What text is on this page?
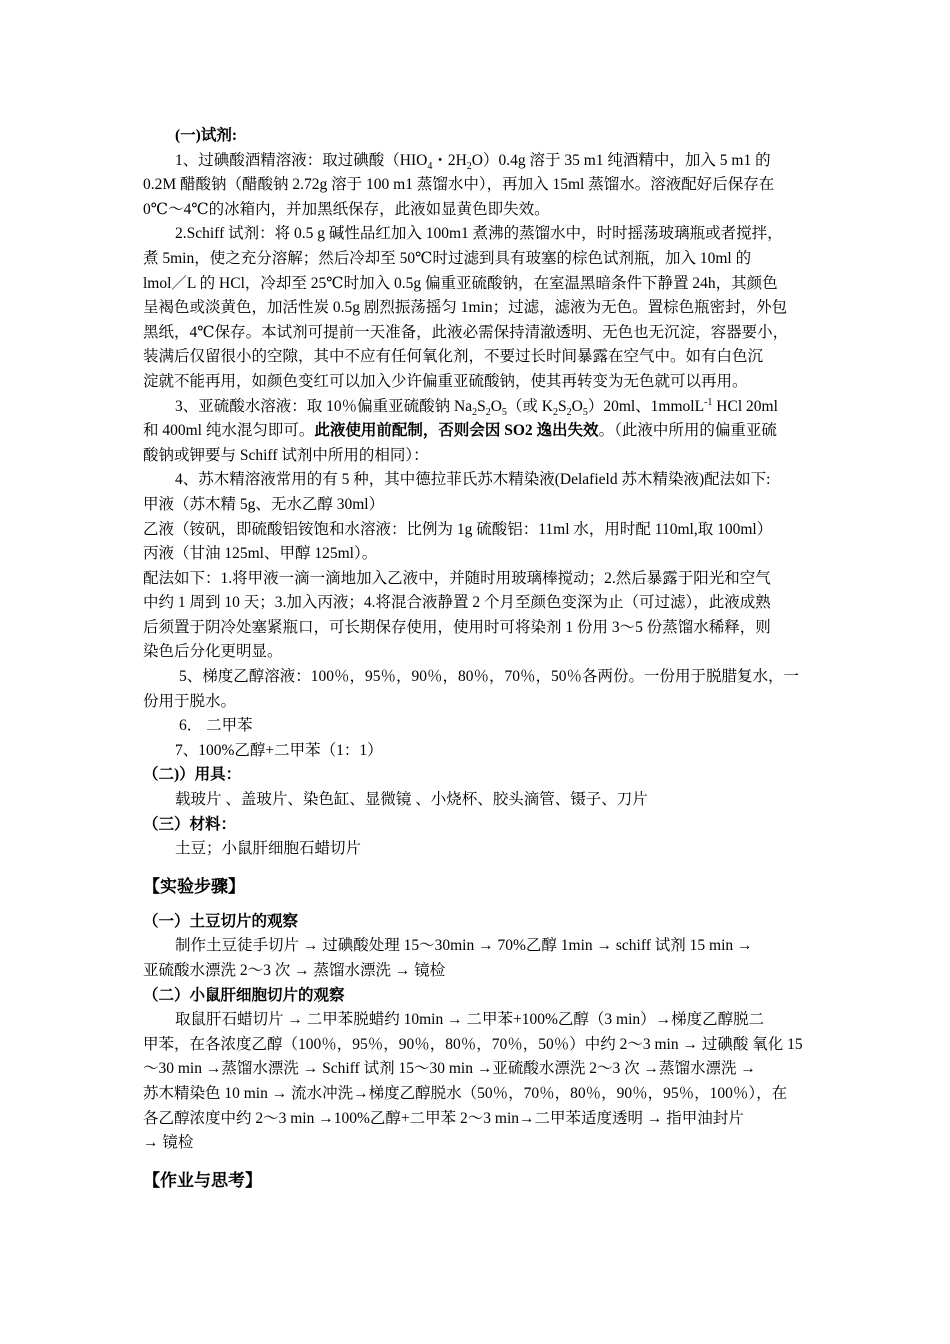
(一)试剂:
1、过碘酸酒精溶液：取过碘酸（$HIO_4$・$2H_2O)0.4g$ 溶于 35 m1 纯酒精中，加入 5 m1 的
0.2M 醋酸钠（醋酸钠 2.72g 溶于 100 m1 蒸馏水中），再加入 15ml 蒸馏水。溶液配好后保存在
0℃～4℃的冰箱内，并加黑纸保存，此液如显黄色即失效。
2.Schiff 试剂：将 0.5 g 碱性品红加入 100m1 煮沸的蒸馏水中，时时摇荡玻璃瓶或者搅拌，
煮 5min，使之充分溶解；然后冷却至 50℃时过滤到具有玻塞的棕色试剂瓶，加入 10ml 的
lmol／L 的 HCl，冷却至 25℃时加入 0.5g 偏重亚硫酸钠，在室温黑暗条件下静置 24h，其颜色
呈褐色或淡黄色，加活性炭 0.5g 剧烈振荡摇匀 1min；过滤，滤液为无色。置棕色瓶密封，外包
黑纸，4℃保存。本试剂可提前一天准备，此液必需保持清澈透明、无色也无沉淀，容器要小，
装满后仅留很小的空隙，其中不应有任何氧化剂，不要过长时间暴露在空气中。如有白色沉
淀就不能再用，如颜色变红可以加入少许偏重亚硫酸钠，使其再转变为无色就可以再用。
3、亚硫酸水溶液：取 10％偏重亚硫酸钠 $Na_2S_2O_5$（或 $K_2S_2O_5)20ml$、1mmolL$^{-1}$ HCl 20ml
和 400ml 纯水混匀即可。此液使用前配制，否则会因 SO2 逸出失效。（此液中所用的偏重亚硫
酸钠或钾要与 Schiff 试剂中所用的相同）：
4、苏木精溶液常用的有 5 种，其中德拉菲氏苏木精染液(Delafield 苏木精染液)配法如下:
甲液（苏木精 5g、无水乙醇 30ml）
乙液（铵矾，即硫酸铝铵饱和水溶液：比例为 1g 硫酸铝：11ml 水，用时配 110ml,取 100ml）
丙液（甘油 125ml、甲醇 125ml）。
配法如下：1.将甲液一滴一滴地加入乙液中，并随时用玻璃棒搅动；2.然后暴露于阳光和空气
中约 1 周到 10 天；3.加入丙液；4.将混合液静置 2 个月至颜色变深为止（可过滤），此液成熟
后须置于阴冷处塞紧瓶口，可长期保存使用，使用时可将染剂 1 份用 3～5 份蒸馏水稀释，则
染色后分化更明显。
5、梯度乙醇溶液：100％，95％，90％，80％，70％，50％各两份。一份用于脱腊复水，一
份用于脱水。
6． 二甲苯
7、100%乙醇+二甲苯（1：1）
（二)）用具：
载玻片 、盖玻片、染色缸、显微镜 、小烧杯、胶头滴管、镊子、刀片
（三）材料：
土豆；小鼠肝细胞石蜡切片
【实验步骤】
（一）土豆切片的观察
制作土豆徒手切片 → 过碘酸处理 15～30min → 70%乙醇 1min → schiff 试剂 15 min →
亚硫酸水漂洗 2～3 次 → 蒸馏水漂洗 → 镜检
（二）小鼠肝细胞切片的观察
取鼠肝石蜡切片 → 二甲苯脱蜡约 10min → 二甲苯+100%乙醇（3 min）→梯度乙醇脱二
甲苯，在各浓度乙醇（100％，95％，90％，80％，70％，50％）中约 2～3 min → 过碘酸 氧化 15
～30 min →蒸馏水漂洗 → Schiff 试剂 15～30 min →亚硫酸水漂洗 2～3 次 →蒸馏水漂洗 →
苏木精染色 10 min → 流水冲洗→梯度乙醇脱水（50％，70％，80％，90％，95％，100％），在
各乙醇浓度中约 2～3 min →100%乙醇+二甲苯 2～3 min→二甲苯适度透明 → 指甲油封片
→ 镜检
【作业与思考】
